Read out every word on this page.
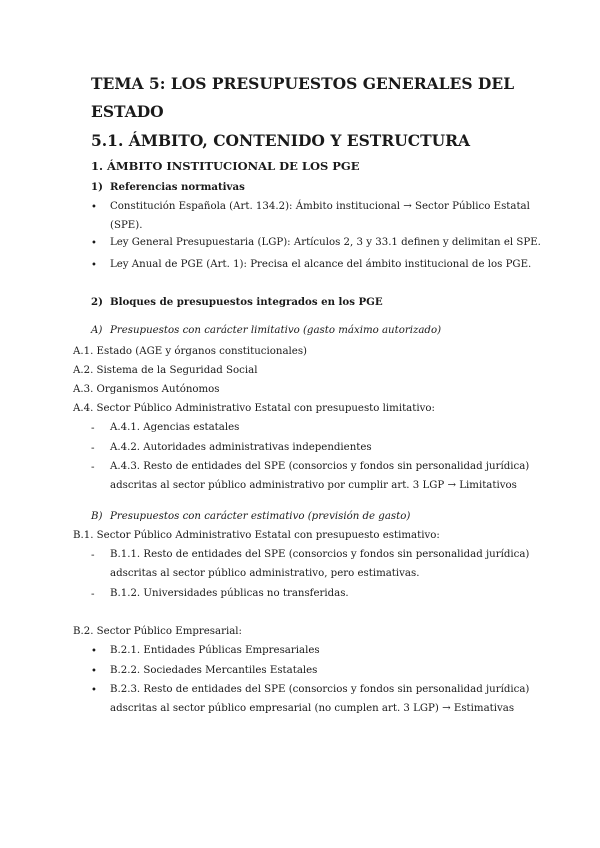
TEMA 5: LOS PRESUPUESTOS GENERALES DEL
ESTADO
5.1. ÁMBITO, CONTENIDO Y ESTRUCTURA
1. ÁMBITO INSTITUCIONAL DE LOS PGE
1) Referencias normativas
• Constitución Española (Art. 134.2): Ámbito institucional → Sector Público Estatal
(SPE).
• Ley General Presupuestaria (LGP): Artículos 2, 3 y 33.1 definen y delimitan el SPE.
• Ley Anual de PGE (Art. 1): Precisa el alcance del ámbito institucional de los PGE.
2) Bloques de presupuestos integrados en los PGE
A) Presupuestos con carácter limitativo (gasto máximo autorizado)
A.1. Estado (AGE y órganos constitucionales)
A.2. Sistema de la Seguridad Social
A.3. Organismos Autónomos
A.4. Sector Público Administrativo Estatal con presupuesto limitativo:
- A.4.1. Agencias estatales
- A.4.2. Autoridades administrativas independientes
- A.4.3. Resto de entidades del SPE (consorcios y fondos sin personalidad jurídica)
adscritas al sector público administrativo por cumplir art. 3 LGP → Limitativos
B) Presupuestos con carácter estimativo (previsión de gasto)
B.1. Sector Público Administrativo Estatal con presupuesto estimativo:
- B.1.1. Resto de entidades del SPE (consorcios y fondos sin personalidad jurídica)
adscritas al sector público administrativo, pero estimativas.
- B.1.2. Universidades públicas no transferidas.
B.2. Sector Público Empresarial:
• B.2.1. Entidades Públicas Empresariales
• B.2.2. Sociedades Mercantiles Estatales
• B.2.3. Resto de entidades del SPE (consorcios y fondos sin personalidad jurídica)
adscritas al sector público empresarial (no cumplen art. 3 LGP) → Estimativas
